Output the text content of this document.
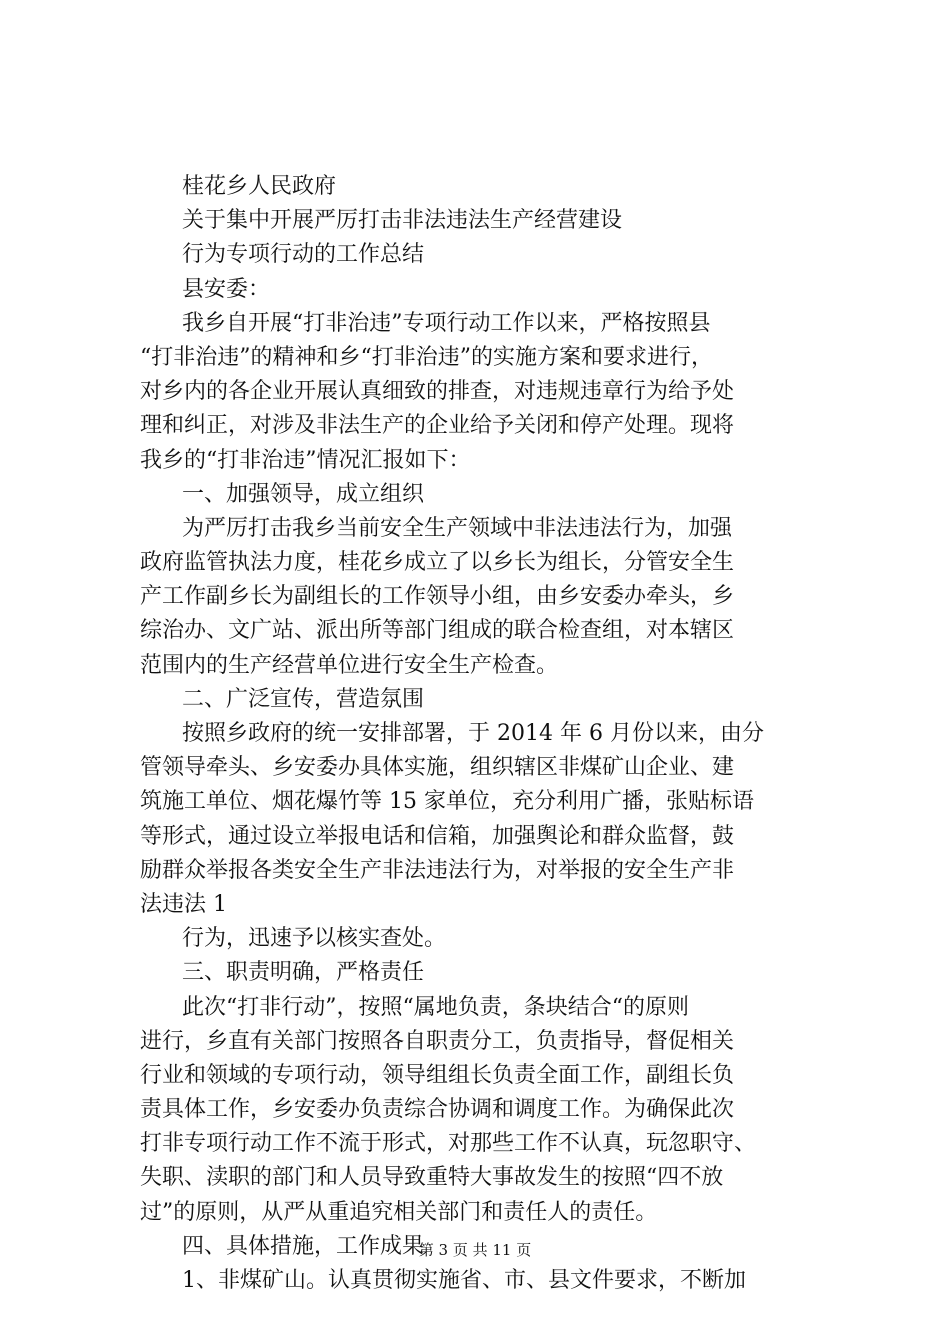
桂花乡人民政府
关于集中开展严厉打击非法违法生产经营建设
行为专项行动的工作总结
县安委：
我乡自开展“打非治违”专项行动工作以来，严格按照县
“打非治违”的精神和乡“打非治违”的实施方案和要求进行，
对乡内的各企业开展认真细致的排查，对违规违章行为给予处
理和纠正，对涉及非法生产的企业给予关闭和停产处理。现将
我乡的“打非治违”情况汇报如下：
一、加强领导，成立组织
为严厉打击我乡当前安全生产领域中非法违法行为，加强
政府监管执法力度，桂花乡成立了以乡长为组长，分管安全生
产工作副乡长为副组长的工作领导小组，由乡安委办牵头，乡
综治办、文广站、派出所等部门组成的联合检查组，对本辖区
范围内的生产经营单位进行安全生产检查。
二、广泛宣传，营造氛围
按照乡政府的统一安排部署，于 2014 年 6 月份以来，由分
管领导牵头、乡安委办具体实施，组织辖区非煤矿山企业、建
筑施工单位、烟花爆竹等 15 家单位，充分利用广播，张贴标语
等形式，通过设立举报电话和信箱，加强舆论和群众监督，鼓
励群众举报各类安全生产非法违法行为，对举报的安全生产非
法违法 1
行为，迅速予以核实查处。
三、职责明确，严格责任
此次“打非行动”，按照“属地负责，条块结合“的原则
进行，乡直有关部门按照各自职责分工，负责指导，督促相关
行业和领域的专项行动，领导组组长负责全面工作，副组长负
责具体工作，乡安委办负责综合协调和调度工作。为确保此次
打非专项行动工作不流于形式，对那些工作不认真，玩忽职守、
失职、渎职的部门和人员导致重特大事故发生的按照“四不放
过”的原则，从严从重追究相关部门和责任人的责任。
四、具体措施，工作成果
1、非煤矿山。认真贯彻实施省、市、县文件要求，不断加
第 3 页 共 11 页
